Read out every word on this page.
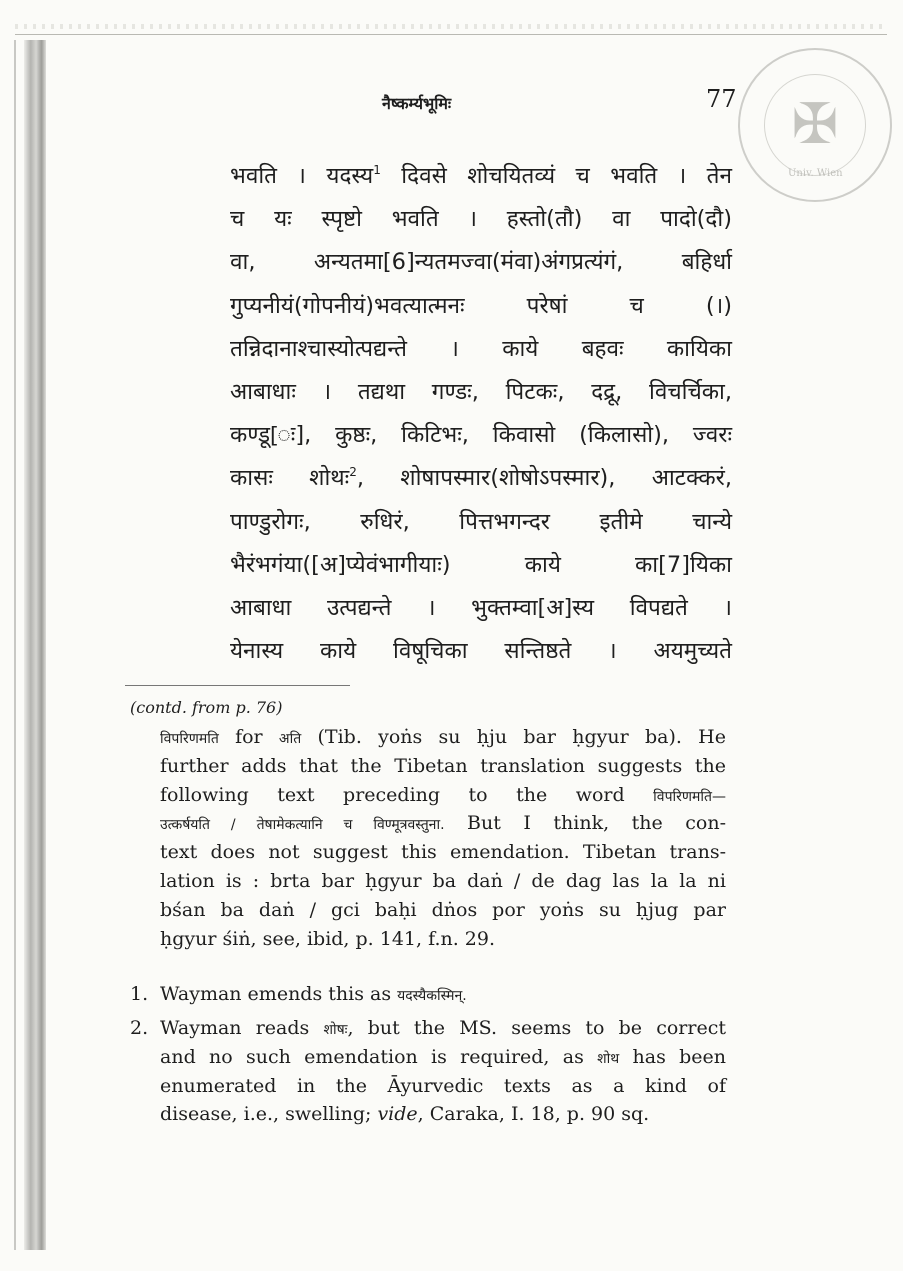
नैष्कर्म्यभूमिः	77 ✠
Univ. Wien
भवति । यदस्य$^1$ दिवसे शोचयितव्यं च भवति । तेन
च यः स्पृष्टो भवति । हस्तो(तौ) वा पादो(दौ)
वा, अन्यतमा[6]न्यतमज्वा(मंवा)अंगप्रत्यंगं, बहिर्धा
गुप्यनीयं(गोपनीयं)भवत्यात्मनः परेषां च (।)
तन्निदानाश्चास्योत्पद्यन्ते । काये बहवः कायिका
आबाधाः । तद्यथा गण्डः, पिटकः, दद्रू, विचर्चिका,
कण्डू[ः], कुष्ठः, किटिभः, किवासो (किलासो), ज्वरः
कासः शोथः$^2$, शोषापस्मार(शोषोऽपस्मार), आटक्करं,
पाण्डुरोगः, रुधिरं, पित्तभगन्दर इतीमे चान्ये
भैरंभगंया([अ]प्येवंभागीयाः) काये का[7]यिका
आबाधा उत्पद्यन्ते । भुक्तम्वा[अ]स्य विपद्यते ।
येनास्य काये विषूचिका सन्तिष्ठते । अयमुच्यते
(contd. from p. 76)
विपरिणमति for अति (Tib. yoṅs su ḥju bar ḥgyur ba). He
further adds that the Tibetan translation suggests the
following text preceding to the word विपरिणमति—
उत्कर्षयति / तेषामेकत्यानि च विण्मूत्रवस्तुना. But I think, the con-
text does not suggest this emendation. Tibetan trans-
lation is : brta bar ḥgyur ba daṅ / de dag las la la ni
bśan ba daṅ / gci baḥi dṅos por yoṅs su ḥjug par
ḥgyur śiṅ, see, ibid, p. 141, f.n. 29.
1. Wayman emends this as यदस्यैकस्मिन्.
2. Wayman reads शोषः, but the MS. seems to be correct
and no such emendation is required, as शोथ has been
enumerated in the Āyurvedic texts as a kind of
disease, i.e., swelling; vide, Caraka, I. 18, p. 90 sq.
